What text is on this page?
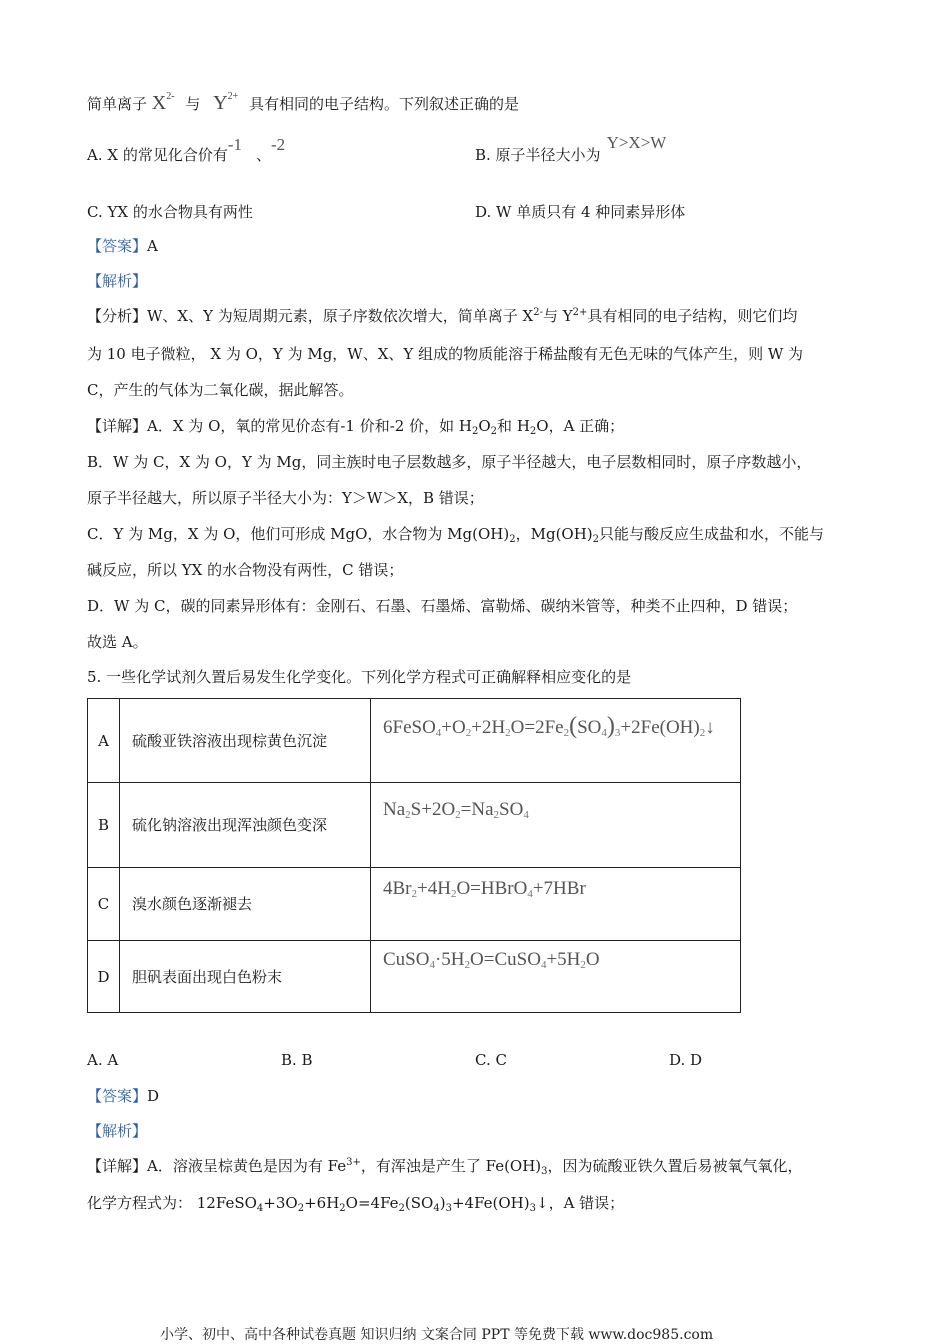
简单离子 $X^{2-}$ 与 $Y^{2+}$ 具有相同的电子结构。下列叙述正确的是
A. X 的常见化合价有-1、-2
B. 原子半径大小为Y>X>W
C. YX 的水合物具有两性	D. W 单质只有 4 种同素异形体
【答案】A
【解析】
【分析】W、X、Y 为短周期元素，原子序数依次增大，简单离子 $X^{2-}$与 $Y^{2+}$具有相同的电子结构，则它们均
为 10 电子微粒， X 为 O，Y 为 Mg，W、X、Y 组成的物质能溶于稀盐酸有无色无味的气体产生，则 W 为
C，产生的气体为二氧化碳，据此解答。
【详解】A．X 为 O，氧的常见价态有-1 价和-2 价，如 $H_2O_2$和 $H_2O$，A 正确；
B．W 为 C，X 为 O，Y 为 Mg，同主族时电子层数越多，原子半径越大，电子层数相同时，原子序数越小，
原子半径越大，所以原子半径大小为：Y＞W＞X，B 错误；
C．Y 为 Mg，X 为 O，他们可形成 MgO，水合物为 $Mg(OH)_2$，$Mg(OH)_2$只能与酸反应生成盐和水，不能与
碱反应，所以 YX 的水合物没有两性，C 错误；
D．W 为 C，碳的同素异形体有：金刚石、石墨、石墨烯、富勒烯、碳纳米管等，种类不止四种，D 错误；
故选 A。
5. 一些化学试剂久置后易发生化学变化。下列化学方程式可正确解释相应变化的是
A	硫酸亚铁溶液出现棕黄色沉淀	$6FeSO_4+O_2+2H_2O=2Fe_2(SO_4)_3+2Fe(OH)_2↓$

B	硫化钠溶液出现浑浊颜色变深	$Na_2S+2O_2=Na_2SO_4$

C	溴水颜色逐渐褪去	$4Br_2+4H_2O=HBrO_4+7HBr$

D	胆矾表面出现白色粉末	$CuSO_4\cdot 5H_2O=CuSO_4+5H_2O$
A. A	B. B	C. C	D. D
【答案】D
【解析】
【详解】A．溶液呈棕黄色是因为有 $Fe^{3+}$，有浑浊是产生了 $Fe(OH)_3$，因为硫酸亚铁久置后易被氧气氧化，
化学方程式为： $12FeSO_4+3O_2+6H_2O=4Fe_2(SO_4)_3+4Fe(OH)_3↓$，A 错误；
小学、初中、高中各种试卷真题 知识归纳 文案合同 PPT 等免费下载 www.doc985.com
